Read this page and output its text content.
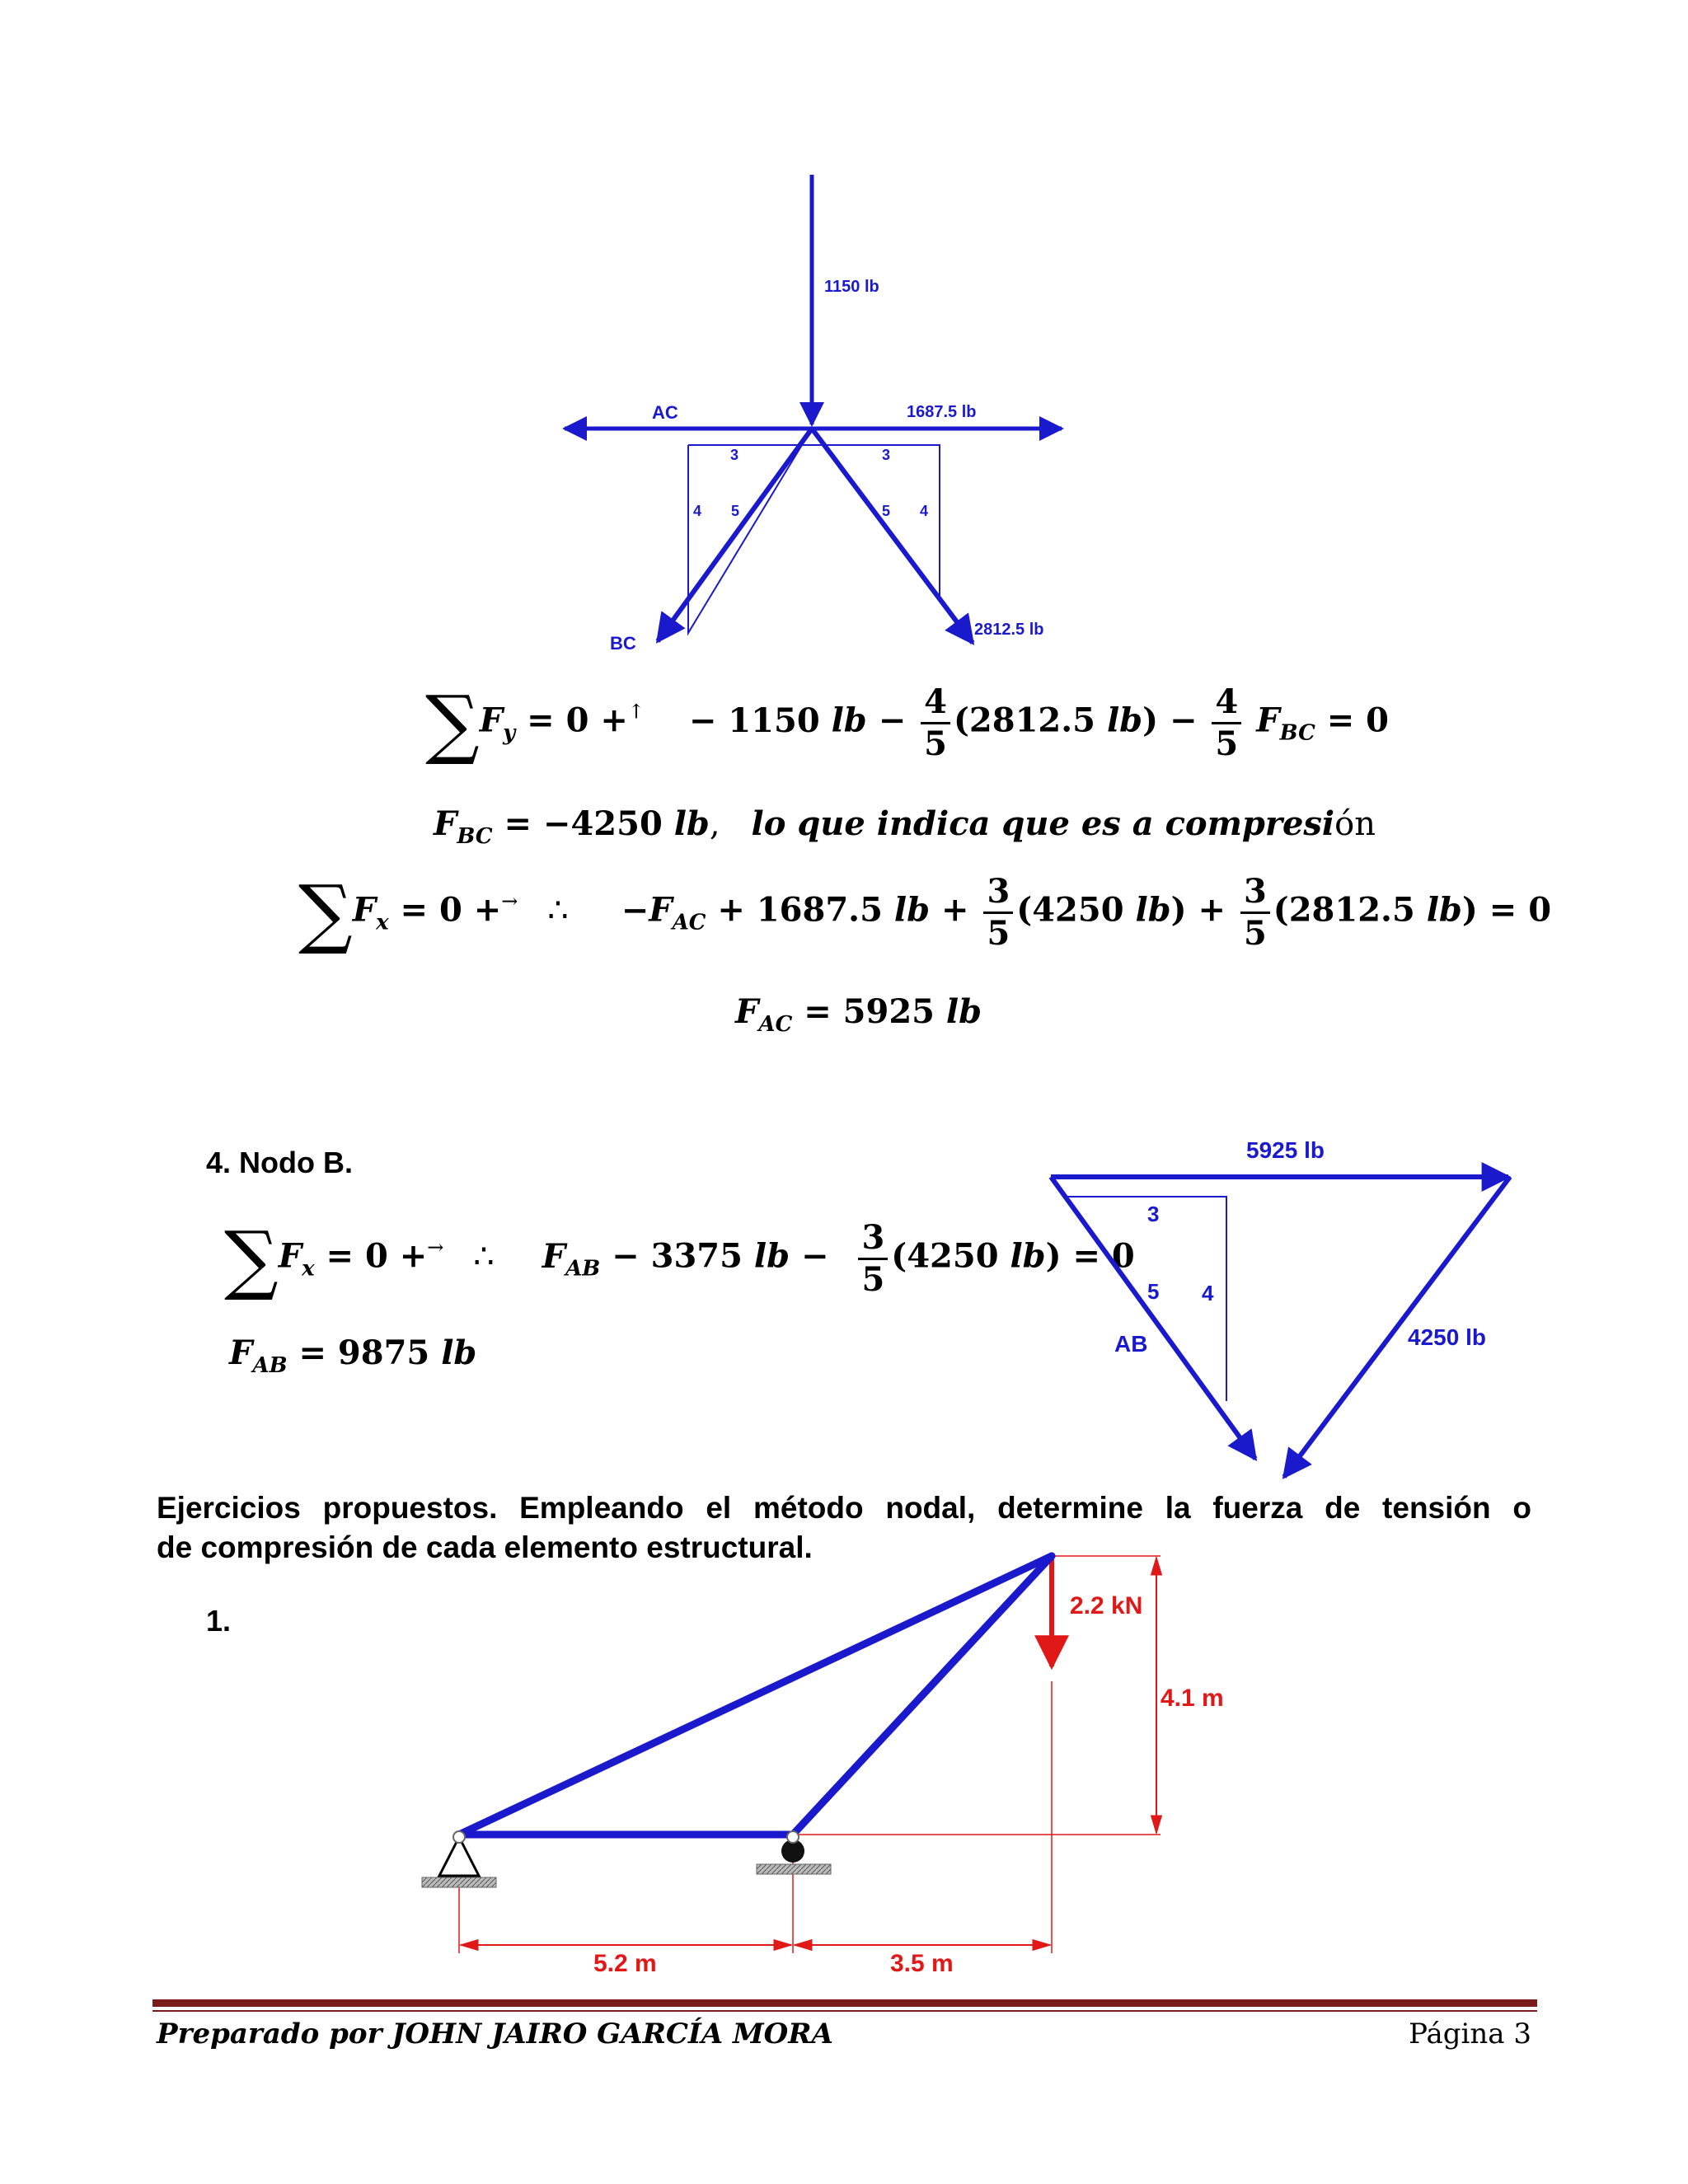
1150 lb
AC	1687.5 lb
BC
2812.5 lb
3
4 5
3
5 4
$\sum F_y = 0 +^↑ - 1150$ lb − $\frac{4}{5} (2812.5$ $lb) - \frac{4}{5} F_{BC} = 0$
$F_{BC} = -4250$ lb, lo que indica que es a compresión
$\sum F_x = 0 +^\to$ ∴ $-F_{AC} + 1687.5$ lb + $\frac{3}{5} (4250$ $lb) + \frac{3}{5} (2812.5$ lb) = 0
$F_{AC} = 5925$ lb
4. Nodo B.
$\sum F_x = 0 +^\to$ ∴ $F_{AB} - 3375$ lb − $\frac{3}{5} (4250$ lb) = 0
$F_{AB} = 9875$ lb
5925 lb
AB	4250 lb
3
5 4
Ejercicios propuestos. Empleando el método nodal, determine la fuerza de tensión o
de compresión de cada elemento estructural.
1.	2.2 kN
4.1 m
5.2 m	3.5 m
Preparado por JOHN JAIRO GARCÍA MORA	Página 3
